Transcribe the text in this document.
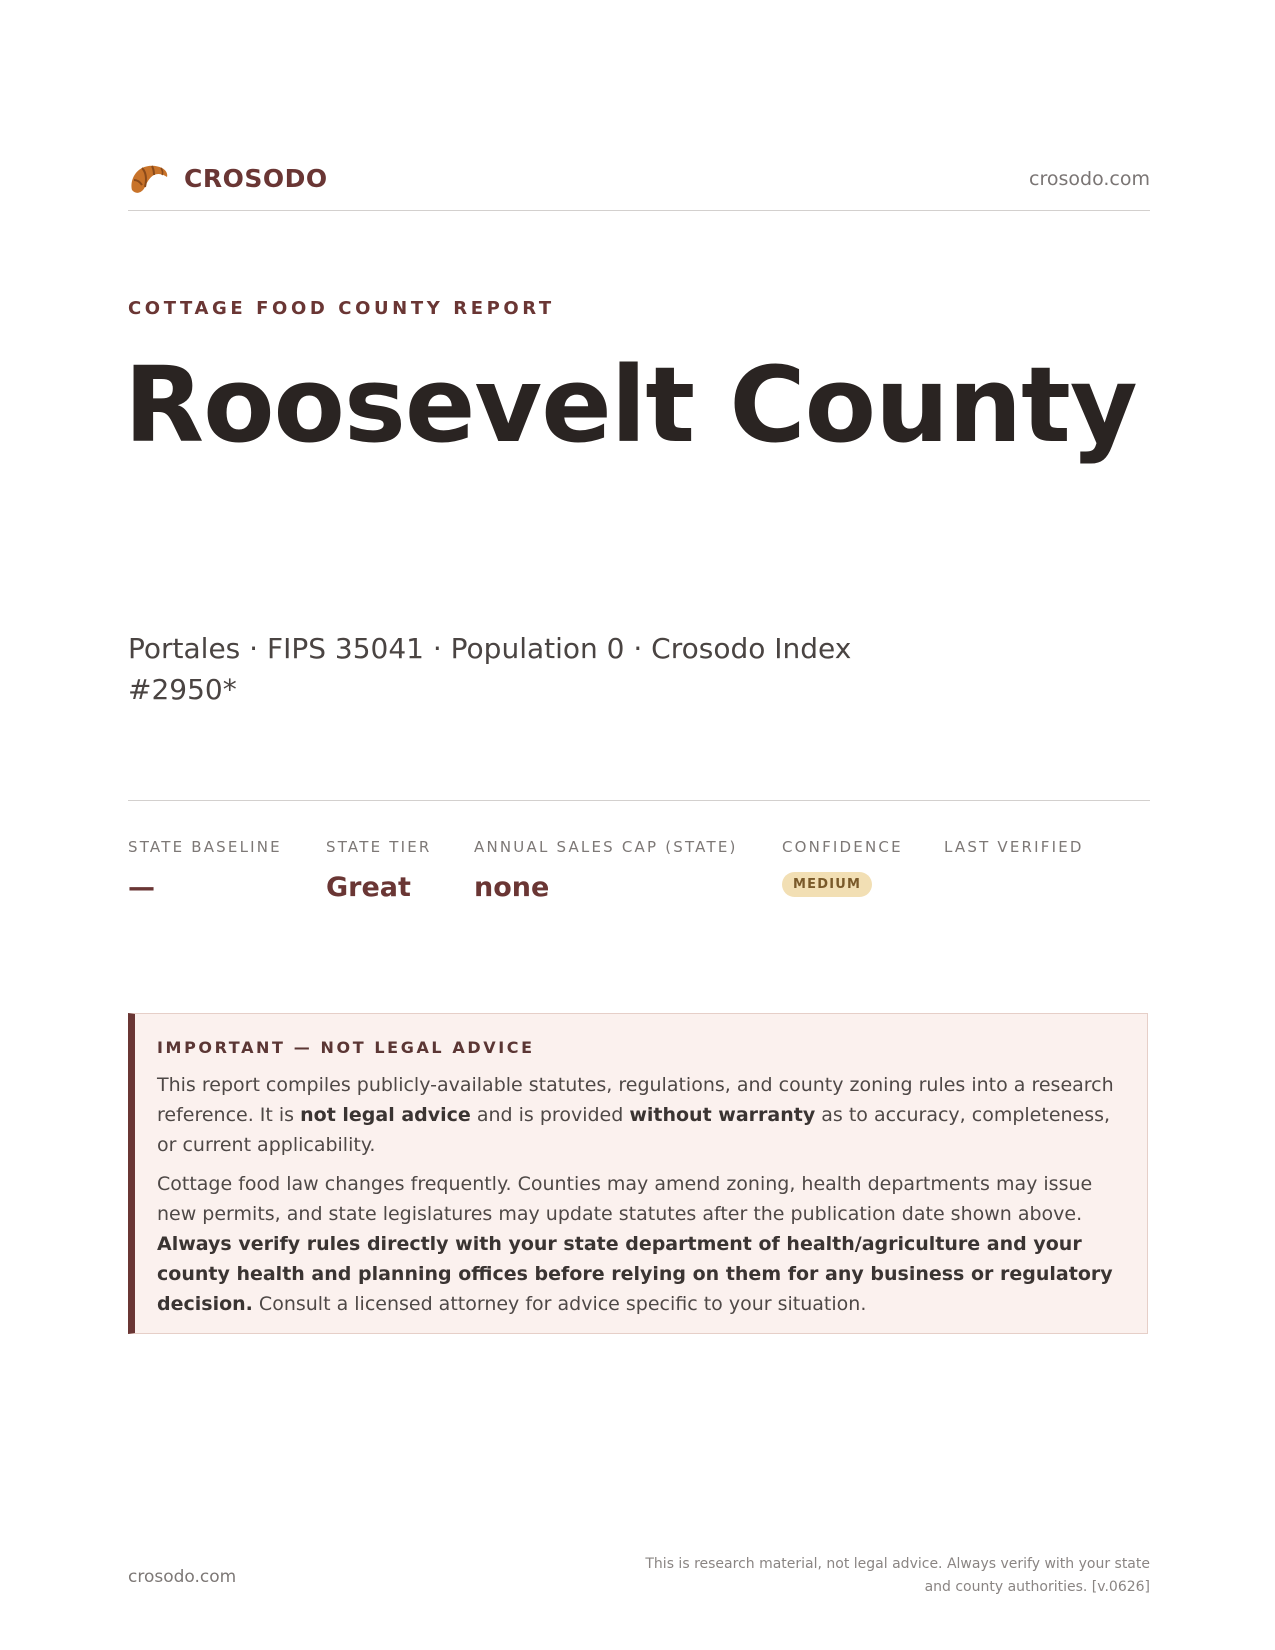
CROSODO	crosodo.com
COTTAGE FOOD COUNTY REPORT
Roosevelt County
Portales · FIPS 35041 · Population 0 · Crosodo Index #2950*
STATE BASELINE
—
STATE TIER
Great
ANNUAL SALES CAP (STATE)
none
CONFIDENCE
MEDIUM
LAST VERIFIED
IMPORTANT — NOT LEGAL ADVICE

This report compiles publicly-available statutes, regulations, and county zoning rules into a research reference. It is not legal advice and is provided without warranty as to accuracy, completeness, or current applicability.

Cottage food law changes frequently. Counties may amend zoning, health departments may issue new permits, and state legislatures may update statutes after the publication date shown above. Always verify rules directly with your state department of health/agriculture and your county health and planning offices before relying on them for any business or regulatory decision. Consult a licensed attorney for advice specific to your situation.

crosodo.com
This is research material, not legal advice. Always verify with your state and county authorities. [v.0626]
